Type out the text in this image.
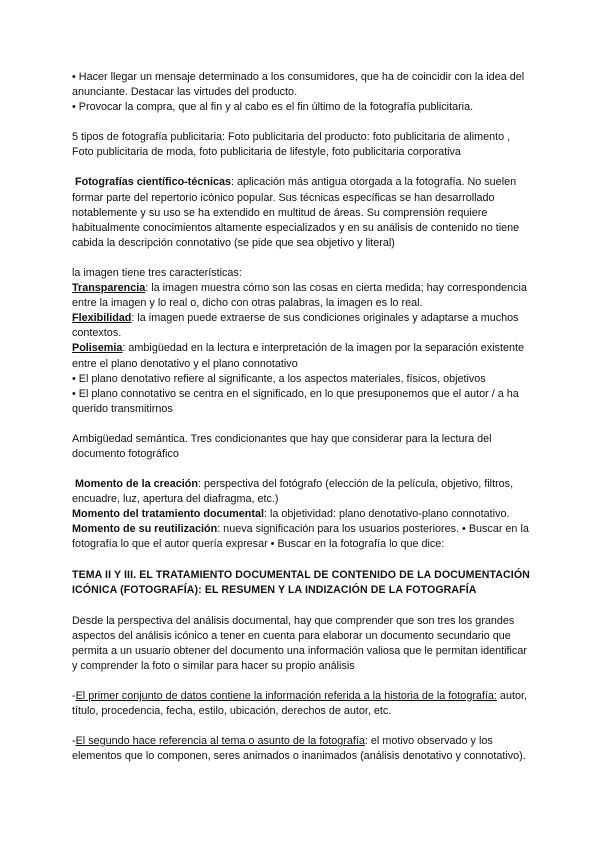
• Hacer llegar un mensaje determinado a los consumidores, que ha de coincidir con la idea del anunciante. Destacar las virtudes del producto.

• Provocar la compra, que al fin y al cabo es el fin último de la fotografía publicitaria.

5 tipos de fotografía publicitaria: Foto publicitaria del producto: foto publicitaria de alimento , Foto publicitaria de moda, foto publicitaria de lifestyle, foto publicitaria corporativa

Fotografías científico-técnicas: aplicación más antigua otorgada a la fotografía. No suelen formar parte del repertorio icónico popular. Sus técnicas específicas se han desarrollado notablemente y su uso se ha extendido en multitud de áreas. Su comprensión requiere habitualmente conocimientos altamente especializados y en su análisis de contenido no tiene cabida la descripción connotativo (se pide que sea objetivo y literal)

la imagen tiene tres características:

Transparencia: la imagen muestra cómo son las cosas en cierta medida; hay correspondencia entre la imagen y lo real o, dicho con otras palabras, la imagen es lo real.

Flexibilidad: la imagen puede extraerse de sus condiciones originales y adaptarse a muchos contextos.

Polisemia: ambigüedad en la lectura e interpretación de la imagen por la separación existente entre el plano denotativo y el plano connotativo

• El plano denotativo refiere al significante, a los aspectos materiales, físicos, objetivos

• El plano connotativo se centra en el significado, en lo que presuponemos que el autor / a ha querido transmitirnos

Ambigüedad semántica. Tres condicionantes que hay que considerar para la lectura del documento fotográfico

Momento de la creación: perspectiva del fotógrafo (elección de la película, objetivo, filtros, encuadre, luz, apertura del diafragma, etc.)

Momento del tratamiento documental: la objetividad: plano denotativo-plano connotativo.

Momento de su reutilización: nueva significación para los usuarios posteriores. • Buscar en la fotografía lo que el autor quería expresar • Buscar en la fotografía lo que dice:

TEMA II Y III. EL TRATAMIENTO DOCUMENTAL DE CONTENIDO DE LA DOCUMENTACIÓN ICÓNICA (FOTOGRAFÍA): EL RESUMEN Y LA INDIZACIÓN DE LA FOTOGRAFÍA

Desde la perspectiva del análisis documental, hay que comprender que son tres los grandes aspectos del análisis icónico a tener en cuenta para elaborar un documento secundario que permita a un usuario obtener del documento una información valiosa que le permitan identificar y comprender la foto o similar para hacer su propio análisis

-El primer conjunto de datos contiene la información referida a la historia de la fotografía: autor, título, procedencia, fecha, estilo, ubicación, derechos de autor, etc.

-El segundo hace referencia al tema o asunto de la fotografía: el motivo observado y los elementos que lo componen, seres animados o inanimados (análisis denotativo y connotativo).
